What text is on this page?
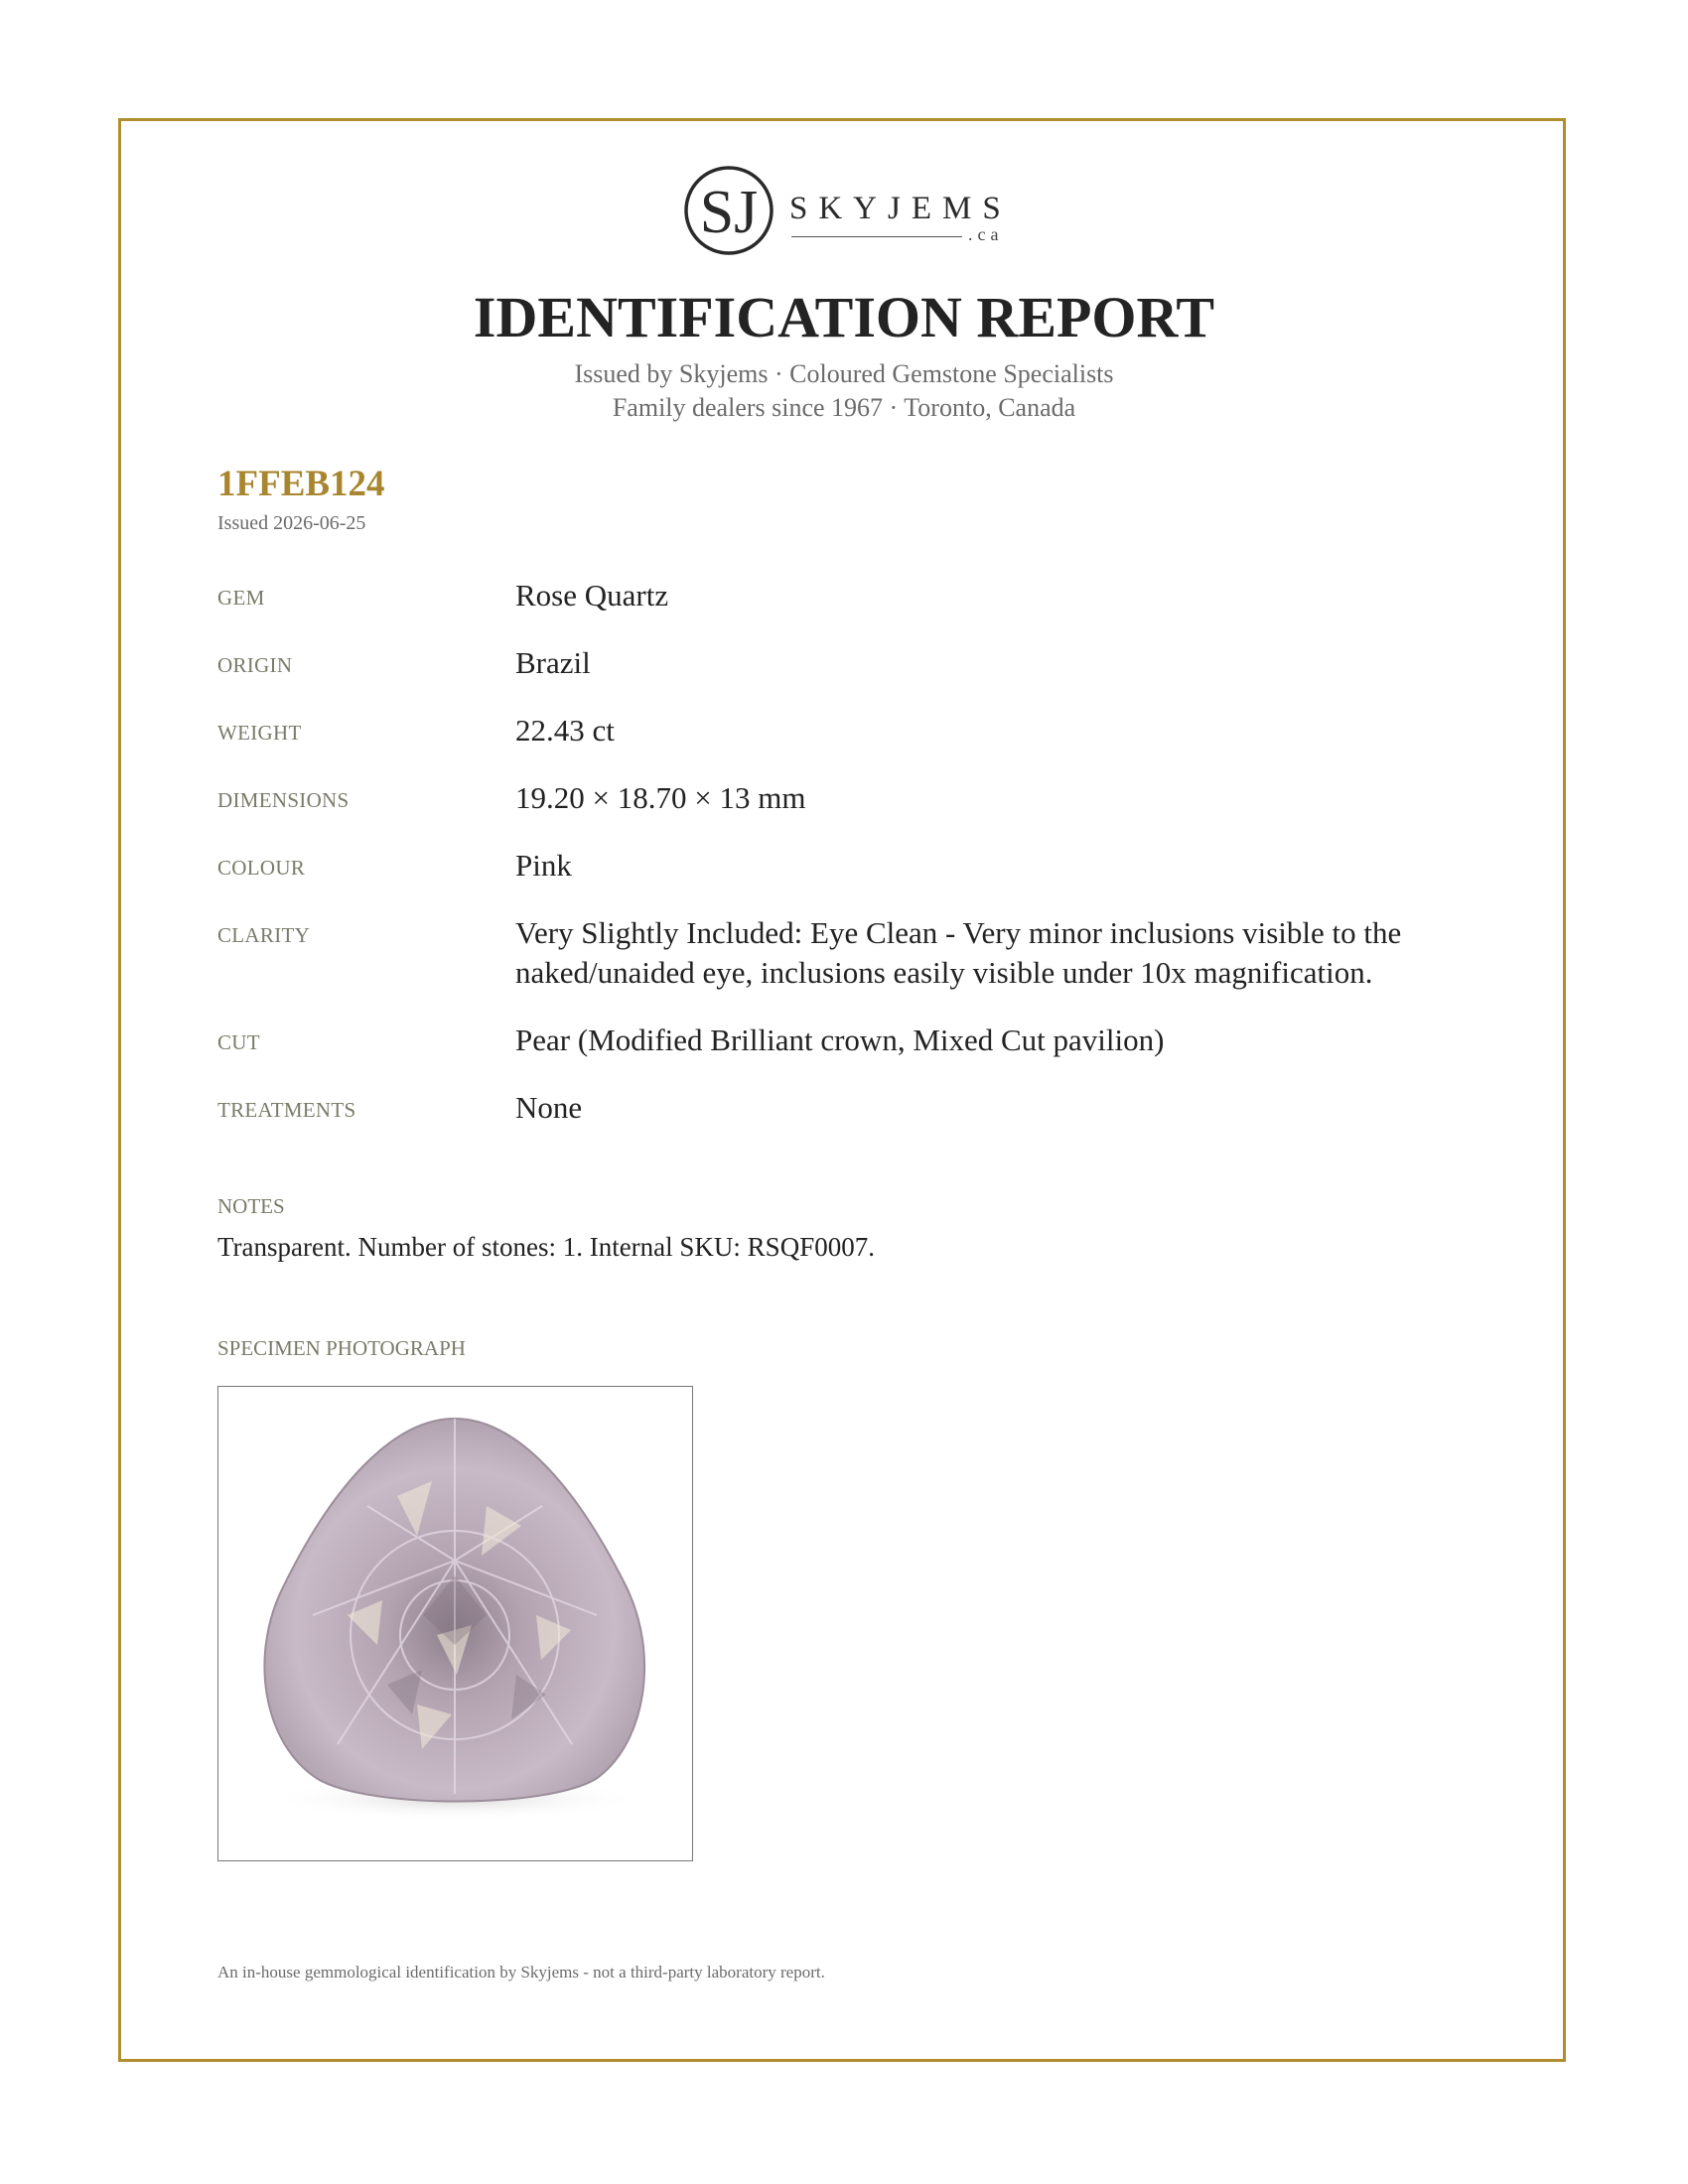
SJ SKYJEMS
.ca
IDENTIFICATION REPORT
Issued by Skyjems · Coloured Gemstone Specialists
Family dealers since 1967 · Toronto, Canada
1FFEB124
Issued 2026-06-25
GEM	Rose Quartz
ORIGIN	Brazil
WEIGHT	22.43 ct
DIMENSIONS	19.20 × 18.70 × 13 mm
COLOUR	Pink
CLARITY	Very Slightly Included: Eye Clean - Very minor inclusions visible to the naked/unaided eye, inclusions easily visible under 10x magnification.
CUT	Pear (Modified Brilliant crown, Mixed Cut pavilion)
TREATMENTS	None
NOTES
Transparent. Number of stones: 1. Internal SKU: RSQF0007.
SPECIMEN PHOTOGRAPH
An in-house gemmological identification by Skyjems - not a third-party laboratory report.
